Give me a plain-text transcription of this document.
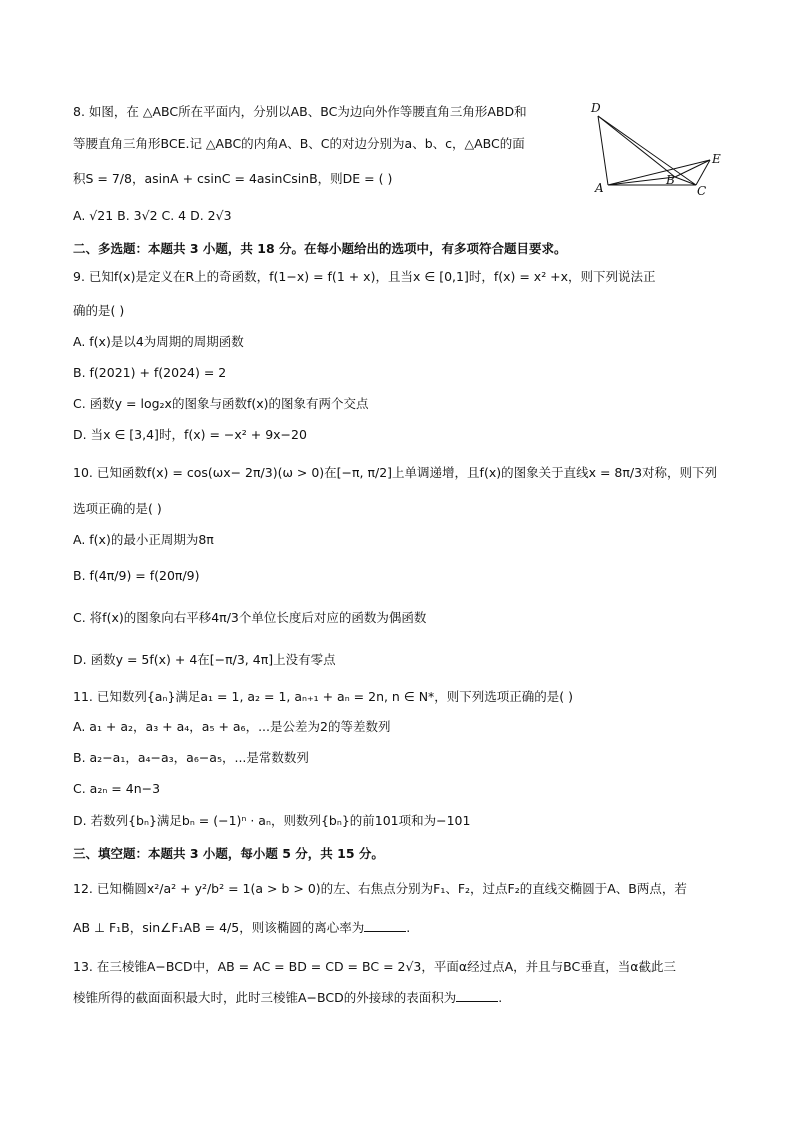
8. 如图，在 △ABC所在平面内，分别以AB、BC为边向外作等腰直角三角形ABD和
等腰直角三角形BCE.记 △ABC的内角A、B、C的对边分别为a、b、c，△ABC的面
积S = 7/8，asinA + csinC = 4asinCsinB，则DE = ( )
A. √21 B. 3√2 C. 4 D. 2√3
D
E
A
B
C
二、多选题：本题共 3 小题，共 18 分。在每小题给出的选项中，有多项符合题目要求。
9. 已知f(x)是定义在R上的奇函数，f(1−x) = f(1 + x)，且当x ∈ [0,1]时，f(x) = x² +x，则下列说法正
确的是( )
A. f(x)是以4为周期的周期函数
B. f(2021) + f(2024) = 2
C. 函数y = log₂x的图象与函数f(x)的图象有两个交点
D. 当x ∈ [3,4]时，f(x) = −x² + 9x−20
10. 已知函数f(x) = cos(ωx− 2π/3)(ω > 0)在[−π, π/2]上单调递增，且f(x)的图象关于直线x = 8π/3对称，则下列
选项正确的是( )
A. f(x)的最小正周期为8π
B. f(4π/9) = f(20π/9)
C. 将f(x)的图象向右平移4π/3个单位长度后对应的函数为偶函数
D. 函数y = 5f(x) + 4在[−π/3, 4π]上没有零点
11. 已知数列{aₙ}满足a₁ = 1, a₂ = 1, aₙ₊₁ + aₙ = 2n, n ∈ N*，则下列选项正确的是( )
A. a₁ + a₂，a₃ + a₄，a₅ + a₆，...是公差为2的等差数列
B. a₂−a₁，a₄−a₃，a₆−a₅，...是常数数列
C. a₂ₙ = 4n−3
D. 若数列{bₙ}满足bₙ = (−1)ⁿ · aₙ，则数列{bₙ}的前101项和为−101
三、填空题：本题共 3 小题，每小题 5 分，共 15 分。
12. 已知椭圆x²/a² + y²/b² = 1(a > b > 0)的左、右焦点分别为F₁、F₂，过点F₂的直线交椭圆于A、B两点，若
AB ⊥ F₁B，sin∠F₁AB = 4/5，则该椭圆的离心率为	.
13. 在三棱锥A−BCD中，AB = AC = BD = CD = BC = 2√3，平面α经过点A，并且与BC垂直，当α截此三
棱锥所得的截面面积最大时，此时三棱锥A−BCD的外接球的表面积为	.
